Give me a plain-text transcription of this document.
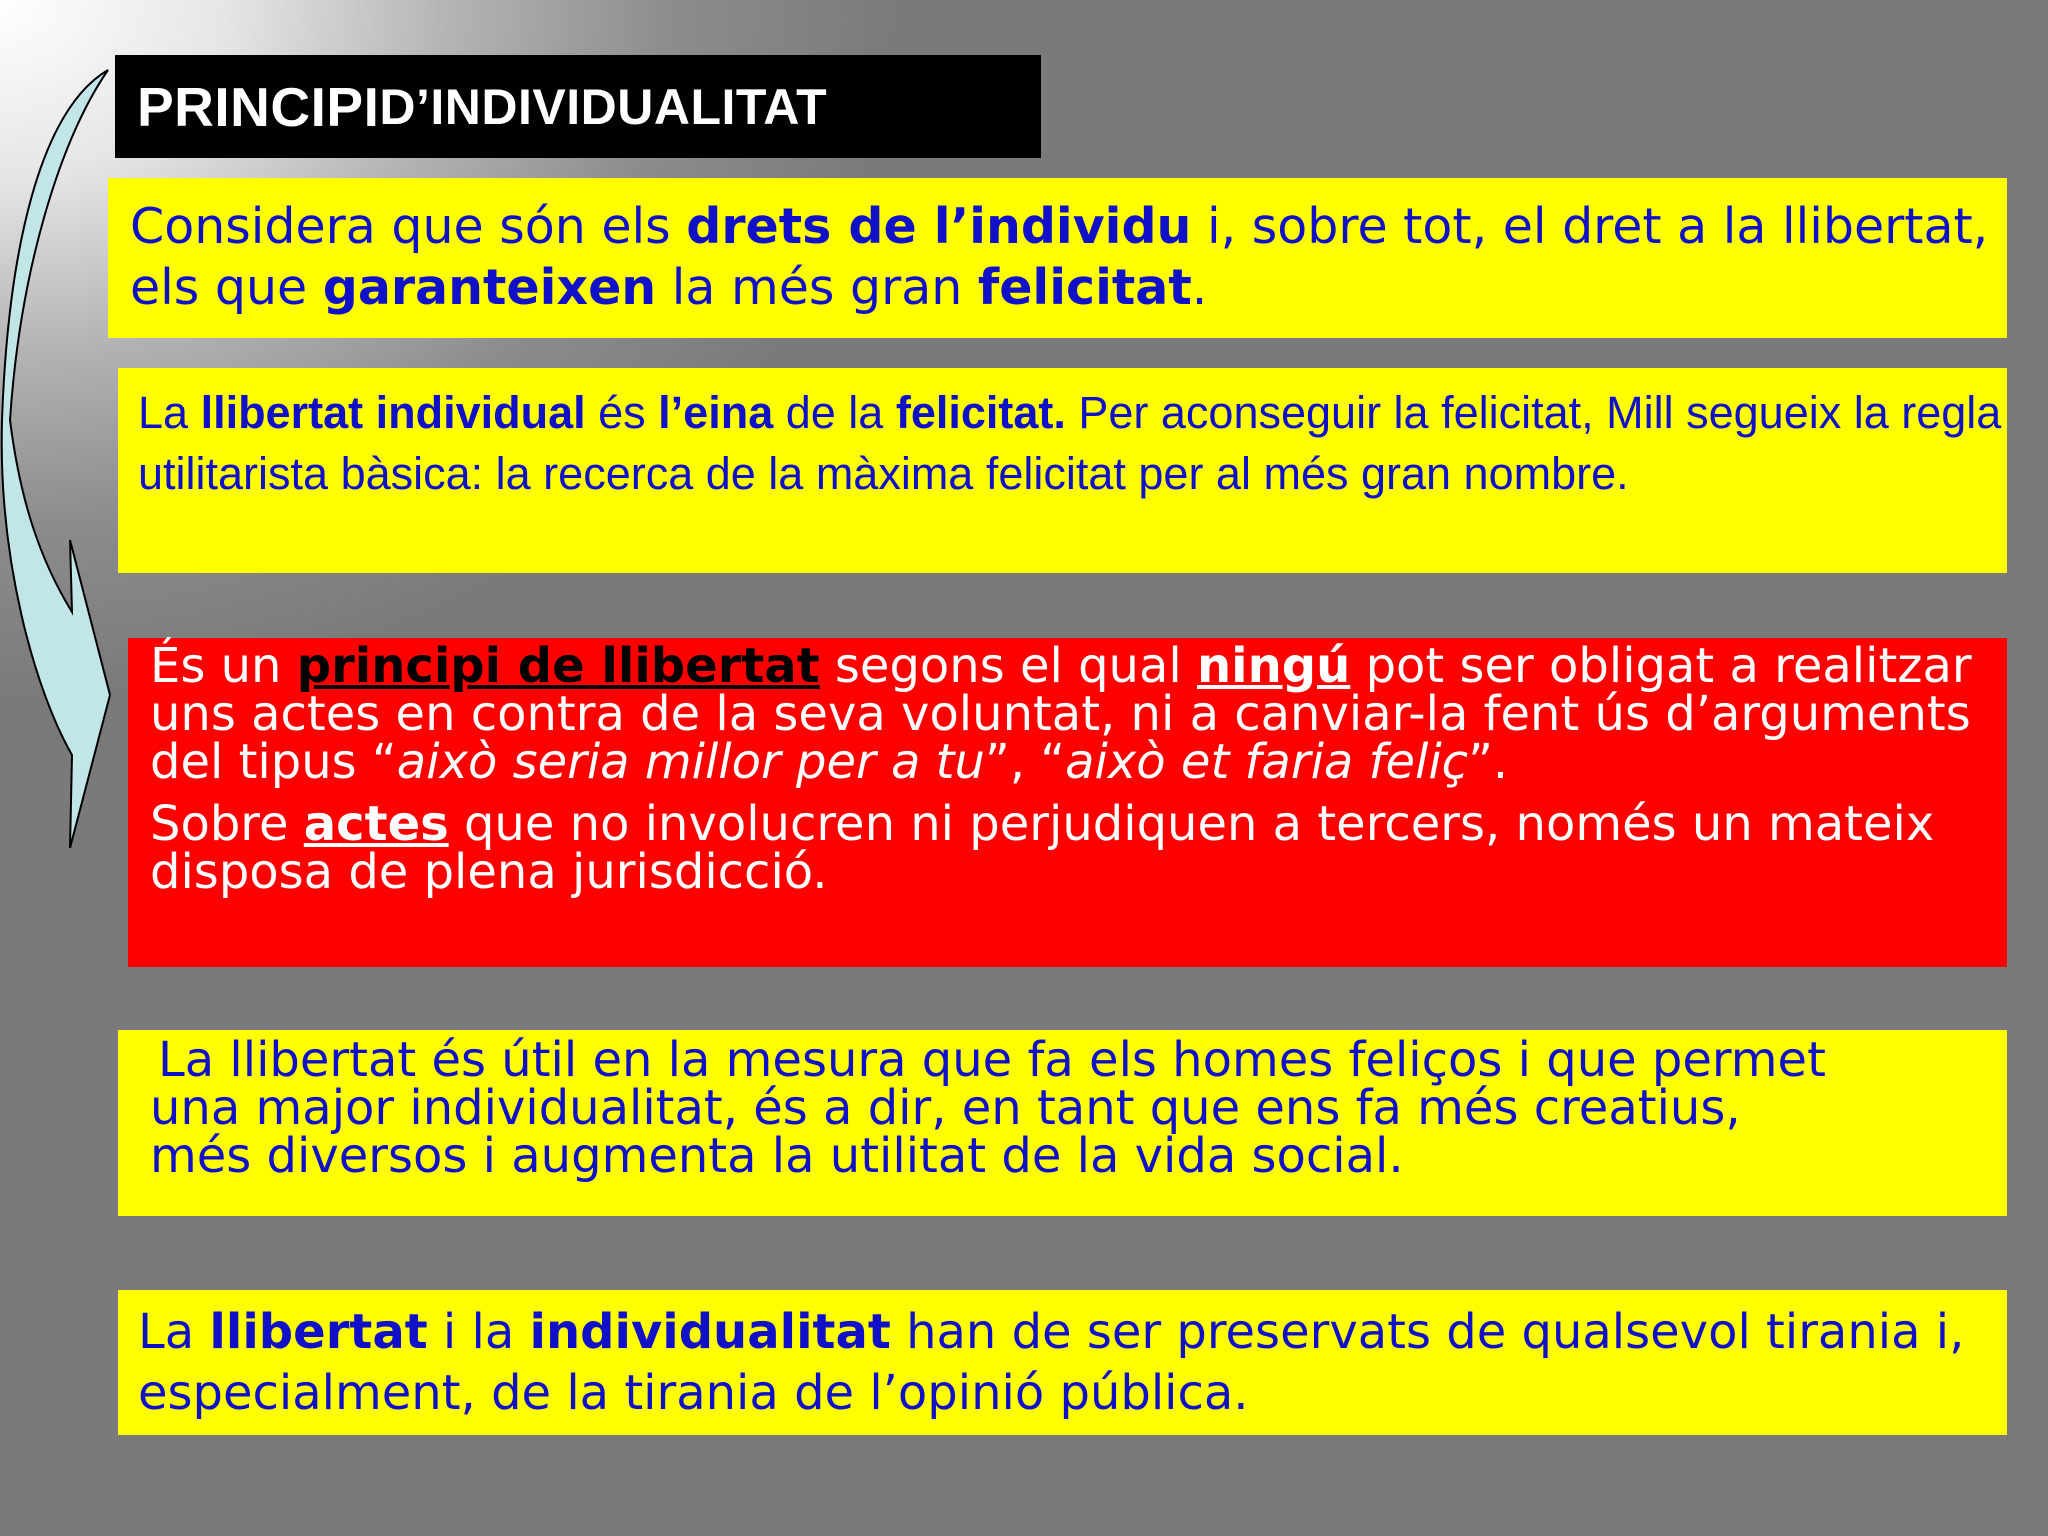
PRINCIPI D’INDIVIDUALITAT
Considera que són els drets de l’individu i, sobre tot, el dret a la llibertat, els que garanteixen la més gran felicitat.
La llibertat individual és l’eina de la felicitat. Per aconseguir la felicitat, Mill segueix la regla utilitarista bàsica: la recerca de la màxima felicitat per al més gran nombre.
És un principi de llibertat segons el qual ningú pot ser obligat a realitzar uns actes en contra de la seva voluntat, ni a canviar-la fent ús d’arguments del tipus “això seria millor per a tu”, “això et faria feliç”.
Sobre actes que no involucren ni perjudiquen a tercers, només un mateix disposa de plena jurisdicció.
La llibertat és útil en la mesura que fa els homes feliços i que permet
una major individualitat, és a dir, en tant que ens fa més creatius,
més diversos i augmenta la utilitat de la vida social.
La llibertat i la individualitat han de ser preservats de qualsevol tirania i, especialment, de la tirania de l’opinió pública.
